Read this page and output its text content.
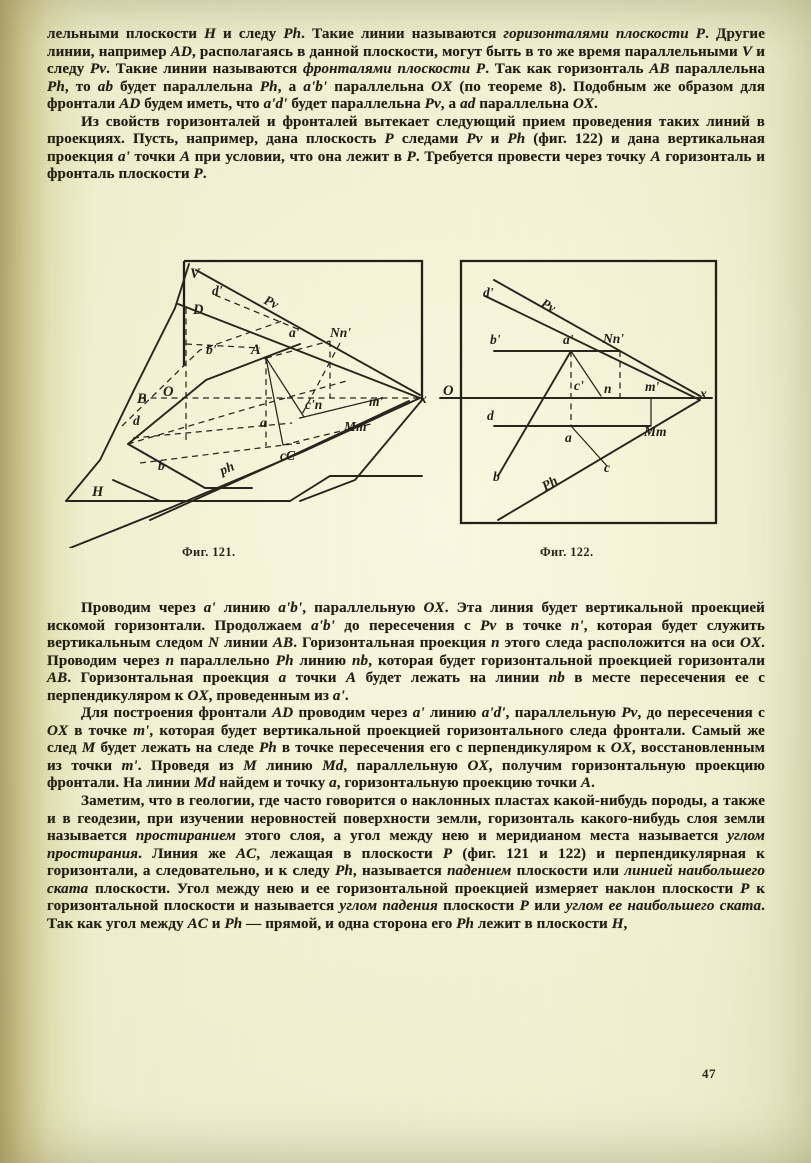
лельными плоскости H и следу Ph. Такие линии называются горизонталями плоскости P. Другие линии, например AD, располагаясь в данной плоскости, могут быть в то же время параллельными V и следу Pv. Такие линии называются фронталями плоскости P. Так как горизонталь AB параллельна Ph, то ab будет параллельна Ph, а a'b' параллельна OX (по теореме 8). Подобным же образом для фронтали AD будем иметь, что a'd' будет параллельна Pv, а ad параллельна OX.

Из свойств горизонталей и фронталей вытекает следующий прием проведения таких линий в проекциях. Пусть, например, дана плоскость P следами Pv и Ph (фиг. 122) и дана вертикальная проекция a' точки A при условии, что она лежит в P. Требуется провести через точку A горизонталь и фронталь плоскости P.

V
d'
Pv
D
b' A
a' Nn'
O
B
d	a
c'n	m'	x
Mm
cC
b	ph
H
d'
Pv
b'	a' Nn'
O	c' n m'	x
d
a	Mm
c
b	Ph
Фиг. 121.	Фиг. 122.

Проводим через a' линию a'b', параллельную OX. Эта линия будет вертикальной проекцией искомой горизонтали. Продолжаем a'b' до пересечения с Pv в точке n', которая будет служить вертикальным следом N линии AB. Горизонтальная проекция n этого следа расположится на оси OX. Проводим через n параллельно Ph линию nb, которая будет горизонтальной проекцией горизонтали AB. Горизонтальная проекция a точки A будет лежать на линии nb в месте пересечения ее с перпендикуляром к OX, проведенным из a'.

Для построения фронтали AD проводим через a' линию a'd', параллельную Pv, до пересечения с OX в точке m', которая будет вертикальной проекцией горизонтального следа фронтали. Самый же след M будет лежать на следе Ph в точке пересечения его с перпендикуляром к OX, восстановленным из точки m'. Проведя из M линию Md, параллельную OX, получим горизонтальную проекцию фронтали. На линии Md найдем и точку a, горизонтальную проекцию точки A.

Заметим, что в геологии, где часто говорится о наклонных пластах какой-нибудь породы, а также и в геодезии, при изучении неровностей поверхности земли, горизонталь какого-нибудь слоя земли называется простиранием этого слоя, а угол между нею и меридианом места называется углом простирания. Линия же AC, лежащая в плоскости P (фиг. 121 и 122) и перпендикулярная к горизонтали, а следовательно, и к следу Ph, называется падением плоскости или линией наибольшего ската плоскости. Угол между нею и ее горизонтальной проекцией измеряет наклон плоскости P к горизонтальной плоскости и называется углом падения плоскости P или углом ее наибольшего ската. Так как угол между AC и Ph — прямой, и одна сторона его Ph лежит в плоскости H,

47
